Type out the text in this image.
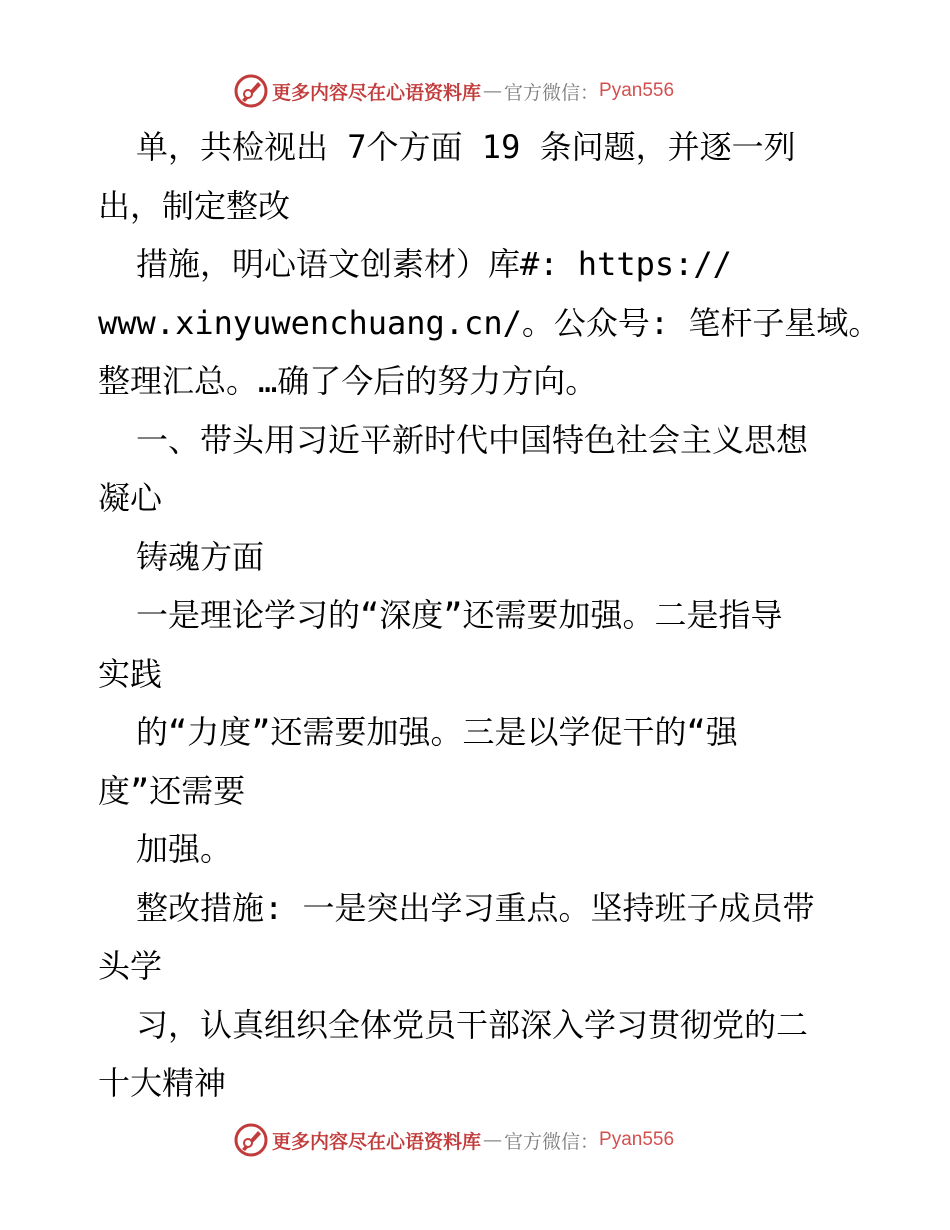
更多内容尽在心语资料库 — 官方微信： Pyan556
单，共检视出 7个方面 19 条问题，并逐一列
出，制定整改
措施，明心语文创素材）库#: https://
www.xinyuwenchuang.cn/。公众号: 笔杆子星域。
整理汇总。…确了今后的努力方向。
一、带头用习近平新时代中国特色社会主义思想
凝心
铸魂方面
一是理论学习的“深度”还需要加强。二是指导
实践
的“力度”还需要加强。三是以学促干的“强
度”还需要
加强。
整改措施: 一是突出学习重点。坚持班子成员带
头学
习，认真组织全体党员干部深入学习贯彻党的二
十大精神
更多内容尽在心语资料库 — 官方微信： Pyan556
